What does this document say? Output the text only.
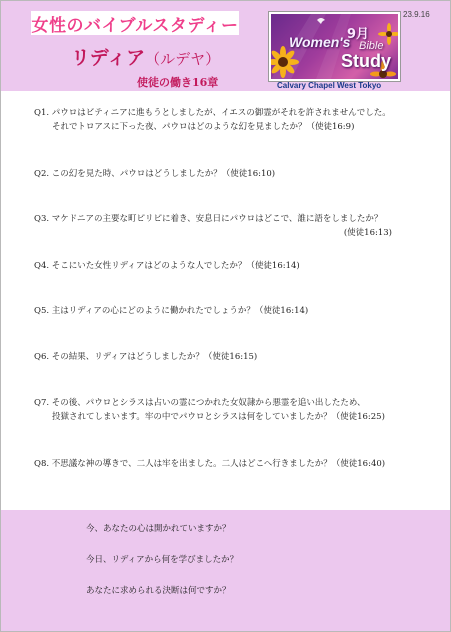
女性のバイブルスタディー
リディア（ルデヤ）
使徒の働き16章
23.9.16
Women's
9月
Bible
Study
Calvary Chapel West Tokyo
Q1. パウロはビティニアに進もうとしましたが、イエスの御霊がそれを許されませんでした。
それでトロアスに下った夜、パウロはどのような幻を見ましたか？（使徒16:9)
Q2. この幻を見た時、パウロはどうしましたか？（使徒16:10)
Q3. マケドニアの主要な町ピリピに着き、安息日にパウロはどこで、誰に語をしましたか？
(使徒16:13)
Q4. そこにいた女性リディアはどのような人でしたか？（使徒16:14)
Q5. 主はリディアの心にどのように働かれたでしょうか？（使徒16:14)
Q6. その結果、リディアはどうしましたか？（使徒16:15)
Q7. その後、パウロとシラスは占いの霊につかれた女奴隷から悪霊を追い出したため、
投獄されてしまいます。牢の中でパウロとシラスは何をしていましたか？（使徒16:25)
Q8. 不思議な神の導きで、二人は牢を出ました。二人はどこへ行きましたか？（使徒16:40)
今、あなたの心は開かれていますか？
今日、リディアから何を学びましたか？
あなたに求められる決断は何ですか？
